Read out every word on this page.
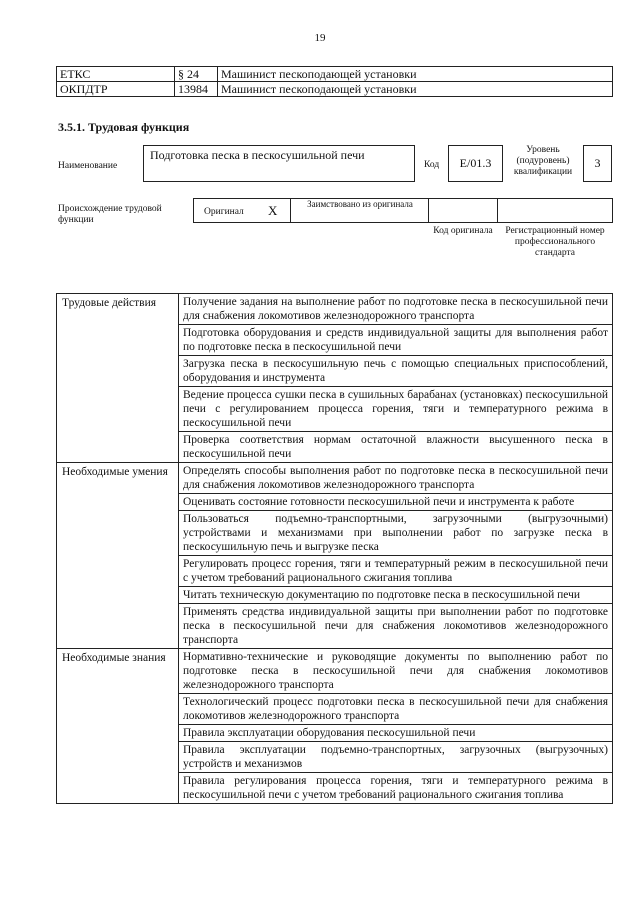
19
ЕТКС	§ 24	Машинист пескоподающей установки
ОКПДТР	13984	Машинист пескоподающей установки
3.5.1. Трудовая функция
Наименование
Подготовка песка в пескосушильной печи
Код	E/01.3
Уровень (подуровень) квалификации
3
Происхождение трудовой функции
Оригинал X	Заимствовано из оригинала
Код оригинала Регистрационный номер профессионального стандарта
Трудовые действия	Получение задания на выполнение работ по подготовке песка в пескосушильной печи для снабжения локомотивов железнодорожного транспорта
	Подготовка оборудования и средств индивидуальной защиты для выполнения работ по подготовке песка в пескосушильной печи
	Загрузка песка в пескосушильную печь с помощью специальных приспособлений, оборудования и инструмента
	Ведение процесса сушки песка в сушильных барабанах (установках) пескосушильной печи с регулированием процесса горения, тяги и температурного режима в пескосушильной печи
	Проверка соответствия нормам остаточной влажности высушенного песка в пескосушильной печи
Необходимые умения	Определять способы выполнения работ по подготовке песка в пескосушильной печи для снабжения локомотивов железнодорожного транспорта
	Оценивать состояние готовности пескосушильной печи и инструмента к работе
	Пользоваться подъемно-транспортными, загрузочными (выгрузочными) устройствами и механизмами при выполнении работ по загрузке песка в пескосушильную печь и выгрузке песка
	Регулировать процесс горения, тяги и температурный режим в пескосушильной печи с учетом требований рационального сжигания топлива
	Читать техническую документацию по подготовке песка в пескосушильной печи
	Применять средства индивидуальной защиты при выполнении работ по подготовке песка в пескосушильной печи для снабжения локомотивов железнодорожного транспорта
Необходимые знания	Нормативно-технические и руководящие документы по выполнению работ по подготовке песка в пескосушильной печи для снабжения локомотивов железнодорожного транспорта
	Технологический процесс подготовки песка в пескосушильной печи для снабжения локомотивов железнодорожного транспорта
	Правила эксплуатации оборудования пескосушильной печи
	Правила эксплуатации подъемно-транспортных, загрузочных (выгрузочных) устройств и механизмов
	Правила регулирования процесса горения, тяги и температурного режима в пескосушильной печи с учетом требований рационального сжигания топлива
